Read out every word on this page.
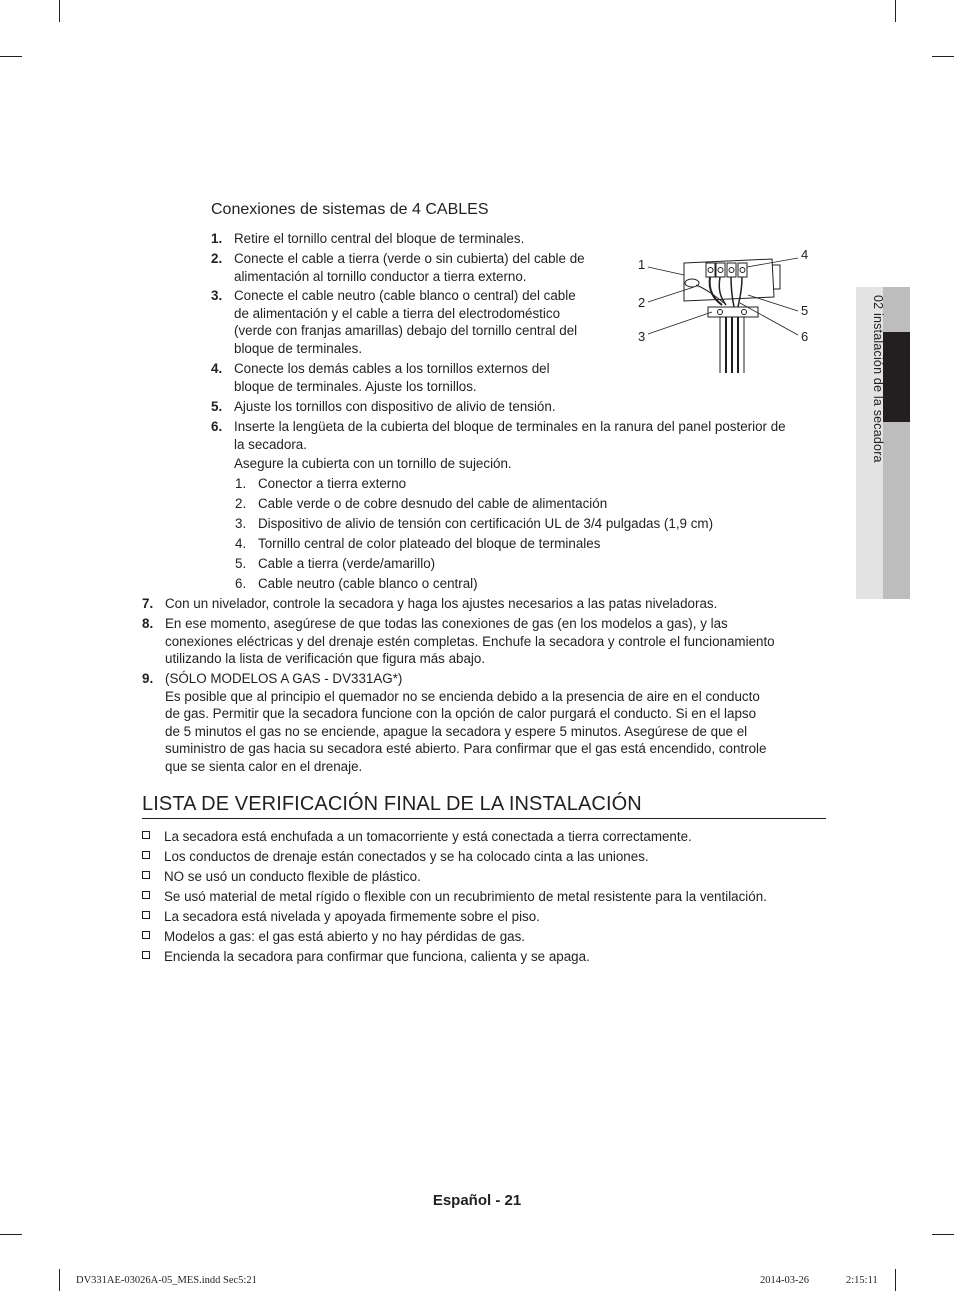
Conexiones de sistemas de 4 CABLES
1. Retire el tornillo central del bloque de terminales.
2. Conecte el cable a tierra (verde o sin cubierta) del cable de
alimentación al tornillo conductor a tierra externo.
3. Conecte el cable neutro (cable blanco o central) del cable
de alimentación y el cable a tierra del electrodoméstico
(verde con franjas amarillas) debajo del tornillo central del
bloque de terminales.
4. Conecte los demás cables a los tornillos externos del
bloque de terminales. Ajuste los tornillos.
5. Ajuste los tornillos con dispositivo de alivio de tensión.
6. Inserte la lengüeta de la cubierta del bloque de terminales en la ranura del panel posterior de
la secadora.
Asegure la cubierta con un tornillo de sujeción.
1. Conector a tierra externo
2. Cable verde o de cobre desnudo del cable de alimentación
3. Dispositivo de alivio de tensión con certificación UL de 3/4 pulgadas (1,9 cm)
4. Tornillo central de color plateado del bloque de terminales
5. Cable a tierra (verde/amarillo)
6. Cable neutro (cable blanco o central)
7. Con un nivelador, controle la secadora y haga los ajustes necesarios a las patas niveladoras.
8. En ese momento, asegúrese de que todas las conexiones de gas (en los modelos a gas), y las
conexiones eléctricas y del drenaje estén completas. Enchufe la secadora y controle el funcionamiento
utilizando la lista de verificación que figura más abajo.
9. (SÓLO MODELOS A GAS - DV331AG*)
Es posible que al principio el quemador no se encienda debido a la presencia de aire en el conducto
de gas. Permitir que la secadora funcione con la opción de calor purgará el conducto. Si en el lapso
de 5 minutos el gas no se enciende, apague la secadora y espere 5 minutos. Asegúrese de que el
suministro de gas hacia su secadora esté abierto. Para confirmar que el gas está encendido, controle
que se sienta calor en el drenaje.
1
2
3
4
5
6
LISTA DE VERIFICACIÓN FINAL DE LA INSTALACIÓN
La secadora está enchufada a un tomacorriente y está conectada a tierra correctamente.
Los conductos de drenaje están conectados y se ha colocado cinta a las uniones.
NO se usó un conducto flexible de plástico.
Se usó material de metal rígido o flexible con un recubrimiento de metal resistente para la ventilación.
La secadora está nivelada y apoyada firmemente sobre el piso.
Modelos a gas: el gas está abierto y no hay pérdidas de gas.
Encienda la secadora para confirmar que funciona, calienta y se apaga.
02 instalación de la secadora
Español - 21
DV331AE-03026A-05_MES.indd Sec5:21	2014-03-26	2:15:11
